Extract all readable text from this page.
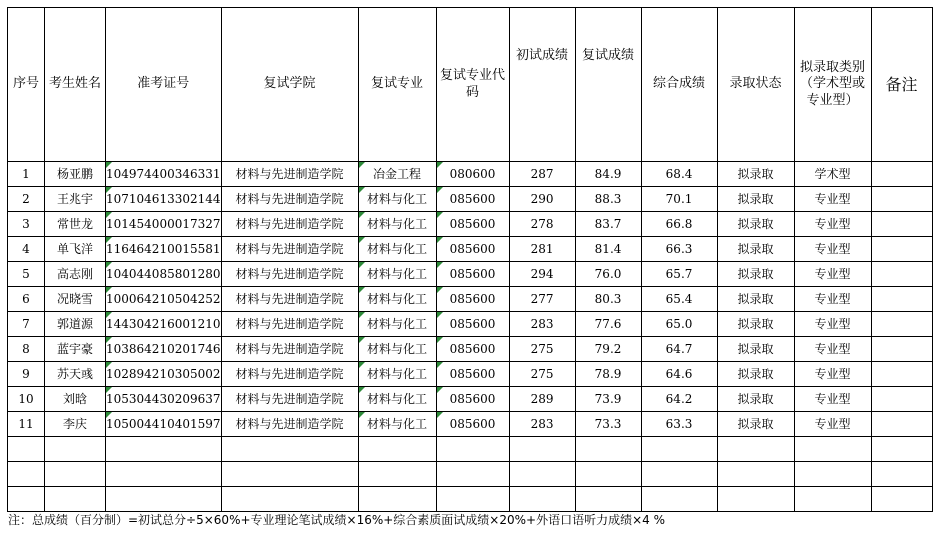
序号	考生姓名	准考证号	复试学院	复试专业	复试专业代码	初试成绩	复试成绩	综合成绩	录取状态	拟录取类别（学术型或专业型）	备注
1	杨亚鹏	104974400346331	材料与先进制造学院	冶金工程	080600	287	84.9	68.4	拟录取	学术型	
2	王兆宇	107104613302144	材料与先进制造学院	材料与化工	085600	290	88.3	70.1	拟录取	专业型	
3	常世龙	101454000017327	材料与先进制造学院	材料与化工	085600	278	83.7	66.8	拟录取	专业型	
4	单飞洋	116464210015581	材料与先进制造学院	材料与化工	085600	281	81.4	66.3	拟录取	专业型	
5	高志刚	104044085801280	材料与先进制造学院	材料与化工	085600	294	76.0	65.7	拟录取	专业型	
6	况晓雪	100064210504252	材料与先进制造学院	材料与化工	085600	277	80.3	65.4	拟录取	专业型	
7	郭道源	144304216001210	材料与先进制造学院	材料与化工	085600	283	77.6	65.0	拟录取	专业型	
8	蓝宇豪	103864210201746	材料与先进制造学院	材料与化工	085600	275	79.2	64.7	拟录取	专业型	
9	苏天彧	102894210305002	材料与先进制造学院	材料与化工	085600	275	78.9	64.6	拟录取	专业型	
10	刘晗	105304430209637	材料与先进制造学院	材料与化工	085600	289	73.9	64.2	拟录取	专业型	
11	李庆	105004410401597	材料与先进制造学院	材料与化工	085600	283	73.3	63.3	拟录取	专业型	

注：总成绩（百分制）=初试总分÷5×60%+专业理论笔试成绩×16%+综合素质面试成绩×20%+外语口语听力成绩×4 %
